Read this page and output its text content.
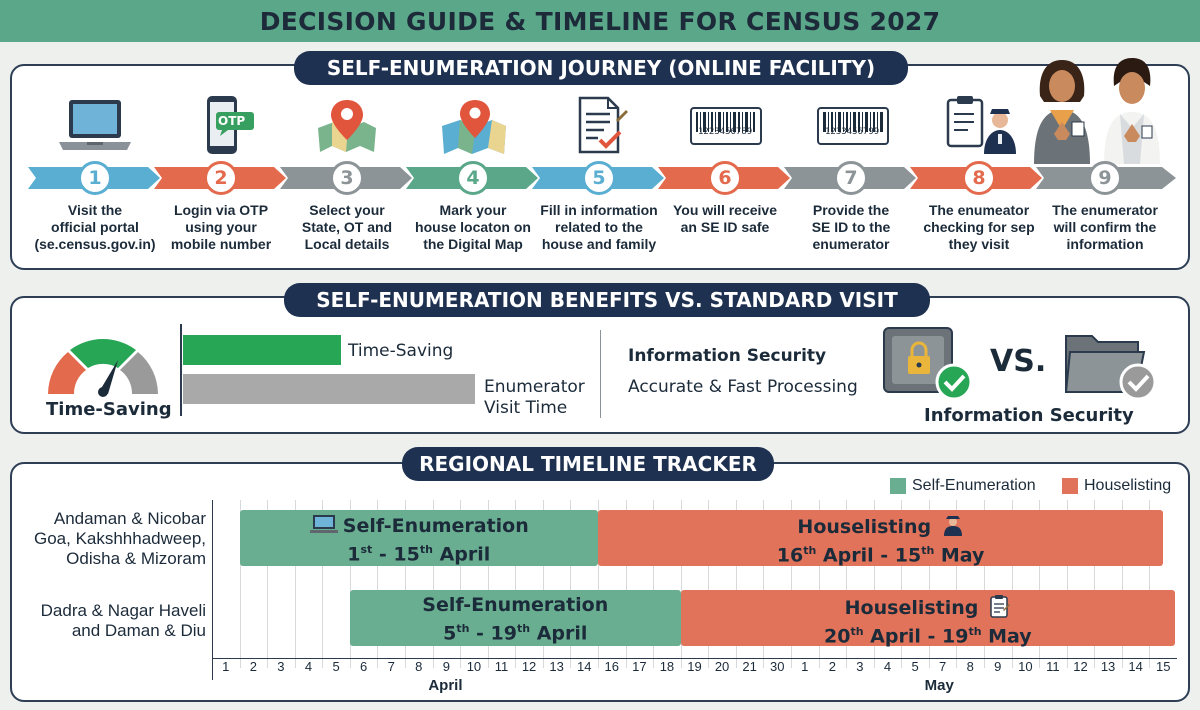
DECISION GUIDE & TIMELINE FOR CENSUS 2027
SELF-ENUMERATION JOURNEY (ONLINE FACILITY)
OTP
1223456789	1233456799
1	2	3	4	5	6	7	8	9
Visit the
official portal
(se.census.gov.in)
Login via OTP
using your
mobile number
Select your
State, OT and
Local details
Mark your
house locaton on
the Digital Map
Fill in information
related to the
house and family
You will receive
an SE ID safe
Provide the
SE ID to the
enumerator
The enumeator
checking for sep
they visit
The enumerator
will confirm the
information
SELF-ENUMERATION BENEFITS VS. STANDARD VISIT
Time-Saving
Time-Saving
Enumerator
Visit Time
Information Security
Accurate & Fast Processing
VS.
Information Security
REGIONAL TIMELINE TRACKER
Self-Enumeration	Houselisting
Andaman & Nicobar
Goa, Kakshhhadweep,
Odisha & Mizoram
Dadra & Nagar Haveli
and Daman & Diu
Self-Enumeration
1st - 15th April
Houselisting
16th April - 15th May
Self-Enumeration
5th - 19th April
Houselisting
20th April - 19th May
1	2	3	4	5	6	7	8	9	10	11	12	13	14	16	17	18	19	20	21	30	1	2	3	4	5	7	8	9	10	11	12	13	14	15
April	May
